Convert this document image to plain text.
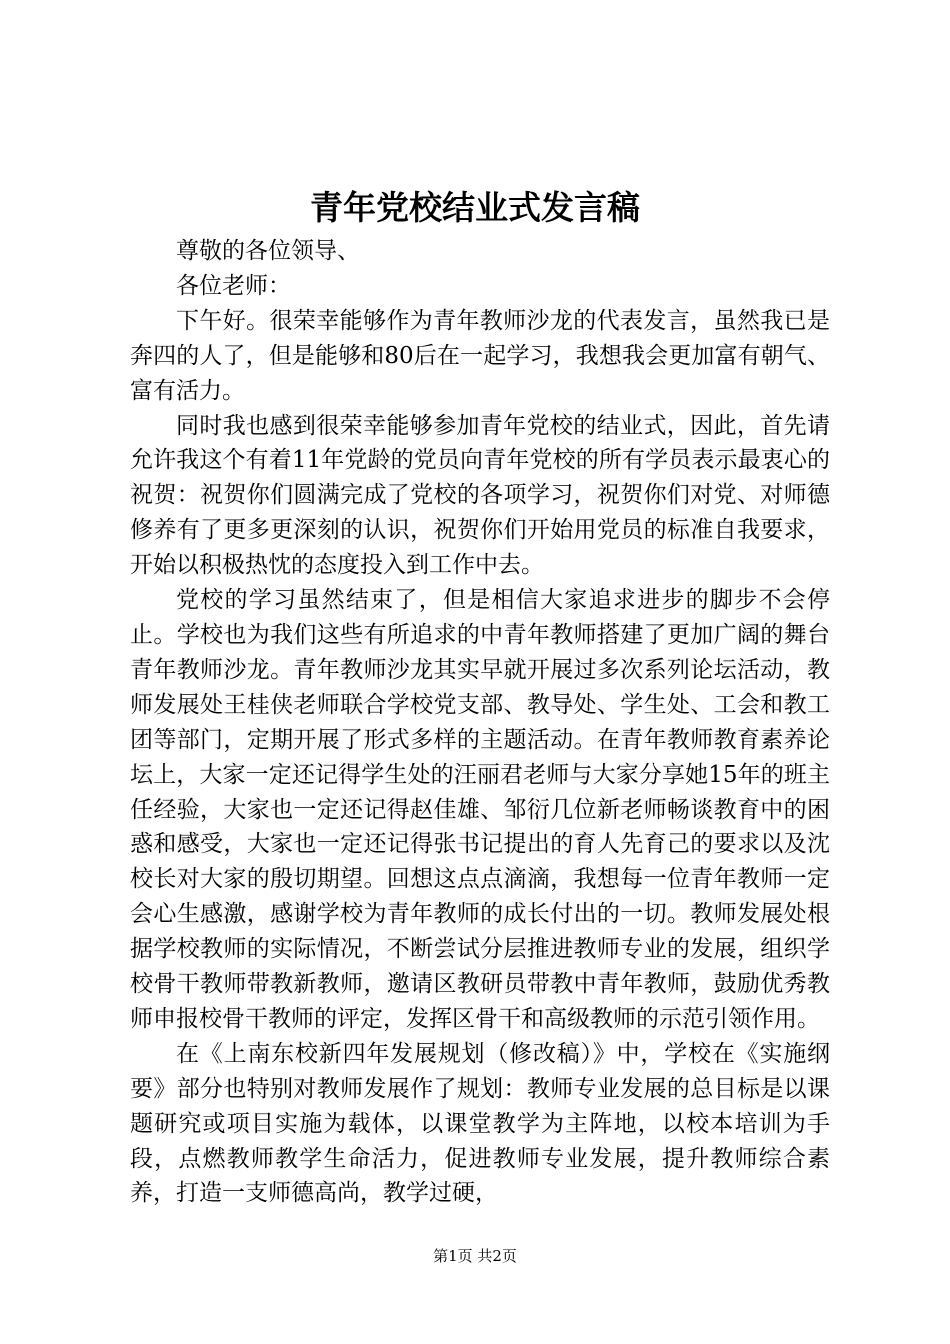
青年党校结业式发言稿

尊敬的各位领导、

各位老师：

下午好。很荣幸能够作为青年教师沙龙的代表发言，虽然我已是奔四的人了，但是能够和80后在一起学习，我想我会更加富有朝气、富有活力。

同时我也感到很荣幸能够参加青年党校的结业式，因此，首先请允许我这个有着11年党龄的党员向青年党校的所有学员表示最衷心的祝贺：祝贺你们圆满完成了党校的各项学习，祝贺你们对党、对师德修养有了更多更深刻的认识，祝贺你们开始用党员的标准自我要求，开始以积极热忱的态度投入到工作中去。

党校的学习虽然结束了，但是相信大家追求进步的脚步不会停止。学校也为我们这些有所追求的中青年教师搭建了更加广阔的舞台青年教师沙龙。青年教师沙龙其实早就开展过多次系列论坛活动，教师发展处王桂侠老师联合学校党支部、教导处、学生处、工会和教工团等部门，定期开展了形式多样的主题活动。在青年教师教育素养论坛上，大家一定还记得学生处的汪丽君老师与大家分享她15年的班主任经验，大家也一定还记得赵佳雄、邹衍几位新老师畅谈教育中的困惑和感受，大家也一定还记得张书记提出的育人先育己的要求以及沈校长对大家的殷切期望。回想这点点滴滴，我想每一位青年教师一定会心生感激，感谢学校为青年教师的成长付出的一切。教师发展处根据学校教师的实际情况，不断尝试分层推进教师专业的发展，组织学校骨干教师带教新教师，邀请区教研员带教中青年教师，鼓励优秀教师申报校骨干教师的评定，发挥区骨干和高级教师的示范引领作用。

在《上南东校新四年发展规划（修改稿）》中，学校在《实施纲要》部分也特别对教师发展作了规划：教师专业发展的总目标是以课题研究或项目实施为载体，以课堂教学为主阵地，以校本培训为手段，点燃教师教学生命活力，促进教师专业发展，提升教师综合素养，打造一支师德高尚，教学过硬，

第1页 共2页
